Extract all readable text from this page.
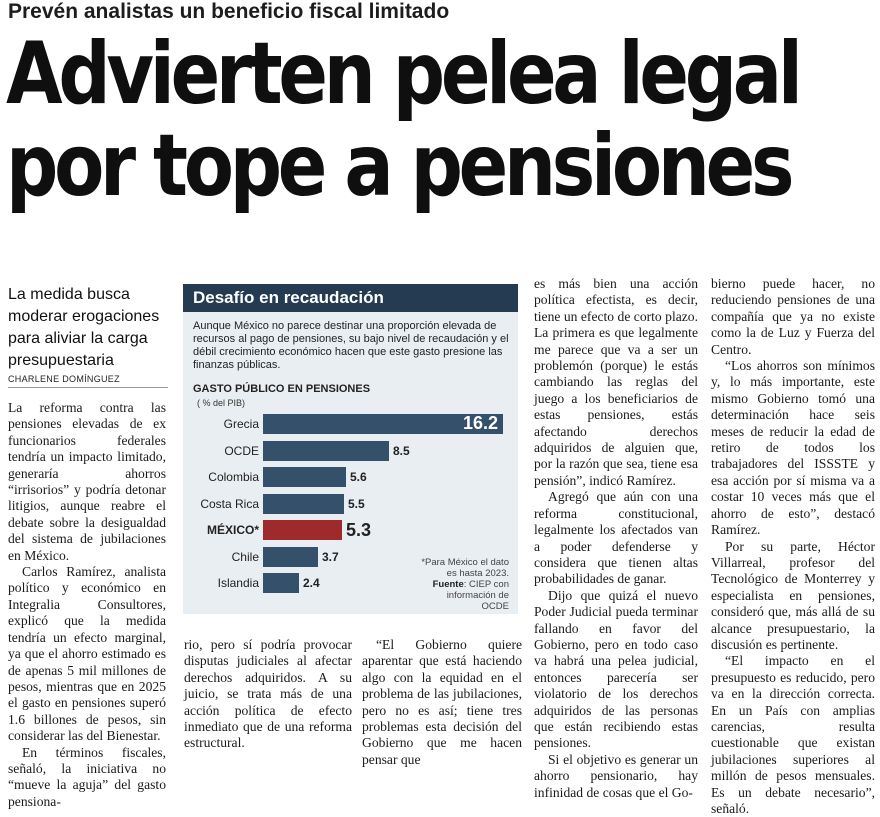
Prevén analistas un beneficio fiscal limitado
Advierten pelea legal
por tope a pensiones
La medida busca moderar erogaciones para aliviar la carga presupuestaria
CHARLENE DOMÍNGUEZ

La reforma contra las pensiones elevadas de ex funcionarios federales tendría un impacto limitado, generaría ahorros “irrisorios” y podría detonar litigios, aunque reabre el debate sobre la desigualdad del sistema de jubilaciones en México.

Carlos Ramírez, analista político y económico en Integralia Consultores, explicó que la medida tendría un efecto marginal, ya que el ahorro estimado es de apenas 5 mil millones de pesos, mientras que en 2025 el gasto en pensiones superó 1.6 billones de pesos, sin considerar las del Bienestar.

En términos fiscales, señaló, la iniciativa no “mueve la aguja” del gasto pensiona-

Desafío en recaudación
Aunque México no parece destinar una proporción elevada de recursos al pago de pensiones, su bajo nivel de recaudación y el débil crecimiento económico hacen que este gasto presione las finanzas públicas.
GASTO PÚBLICO EN PENSIONES
( % del PIB)
*Para México el dato es hasta 2023.
Fuente: CIEP con información de OCDE
Grecia	16.2
OCDE	8.5
Colombia	5.6
Costa Rica	5.5
MÉXICO*	5.3
Chile	3.7
Islandia	2.4

rio, pero sí podría provocar disputas judiciales al afectar derechos adquiridos. A su juicio, se trata más de una acción política de efecto inmediato que de una reforma estructural.

“El Gobierno quiere aparentar que está haciendo algo con la equidad en el problema de las jubilaciones, pero no es así; tiene tres problemas esta decisión del Gobierno que me hacen pensar que

es más bien una acción política efectista, es decir, tiene un efecto de corto plazo. La primera es que legalmente me parece que va a ser un problemón (porque) le estás cambiando las reglas del juego a los beneficiarios de estas pensiones, estás afectando derechos adquiridos de alguien que, por la razón que sea, tiene esa pensión”, indicó Ramírez.

Agregó que aún con una reforma constitucional, legalmente los afectados van a poder defenderse y considera que tienen altas probabilidades de ganar.

Dijo que quizá el nuevo Poder Judicial pueda terminar fallando en favor del Gobierno, pero en todo caso va habrá una pelea judicial, entonces parecería ser violatorio de los derechos adquiridos de las personas que están recibiendo estas pensiones.

Si el objetivo es generar un ahorro pensionario, hay infinidad de cosas que el Go-

bierno puede hacer, no reduciendo pensiones de una compañía que ya no existe como la de Luz y Fuerza del Centro.

“Los ahorros son mínimos y, lo más importante, este mismo Gobierno tomó una determinación hace seis meses de reducir la edad de retiro de todos los trabajadores del ISSSTE y esa acción por sí misma va a costar 10 veces más que el ahorro de esto”, destacó Ramírez.

Por su parte, Héctor Villarreal, profesor del Tecnológico de Monterrey y especialista en pensiones, consideró que, más allá de su alcance presupuestario, la discusión es pertinente.

“El impacto en el presupuesto es reducido, pero va en la dirección correcta. En un País con amplias carencias, resulta cuestionable que existan jubilaciones superiores al millón de pesos mensuales. Es un debate necesario”, señaló.
